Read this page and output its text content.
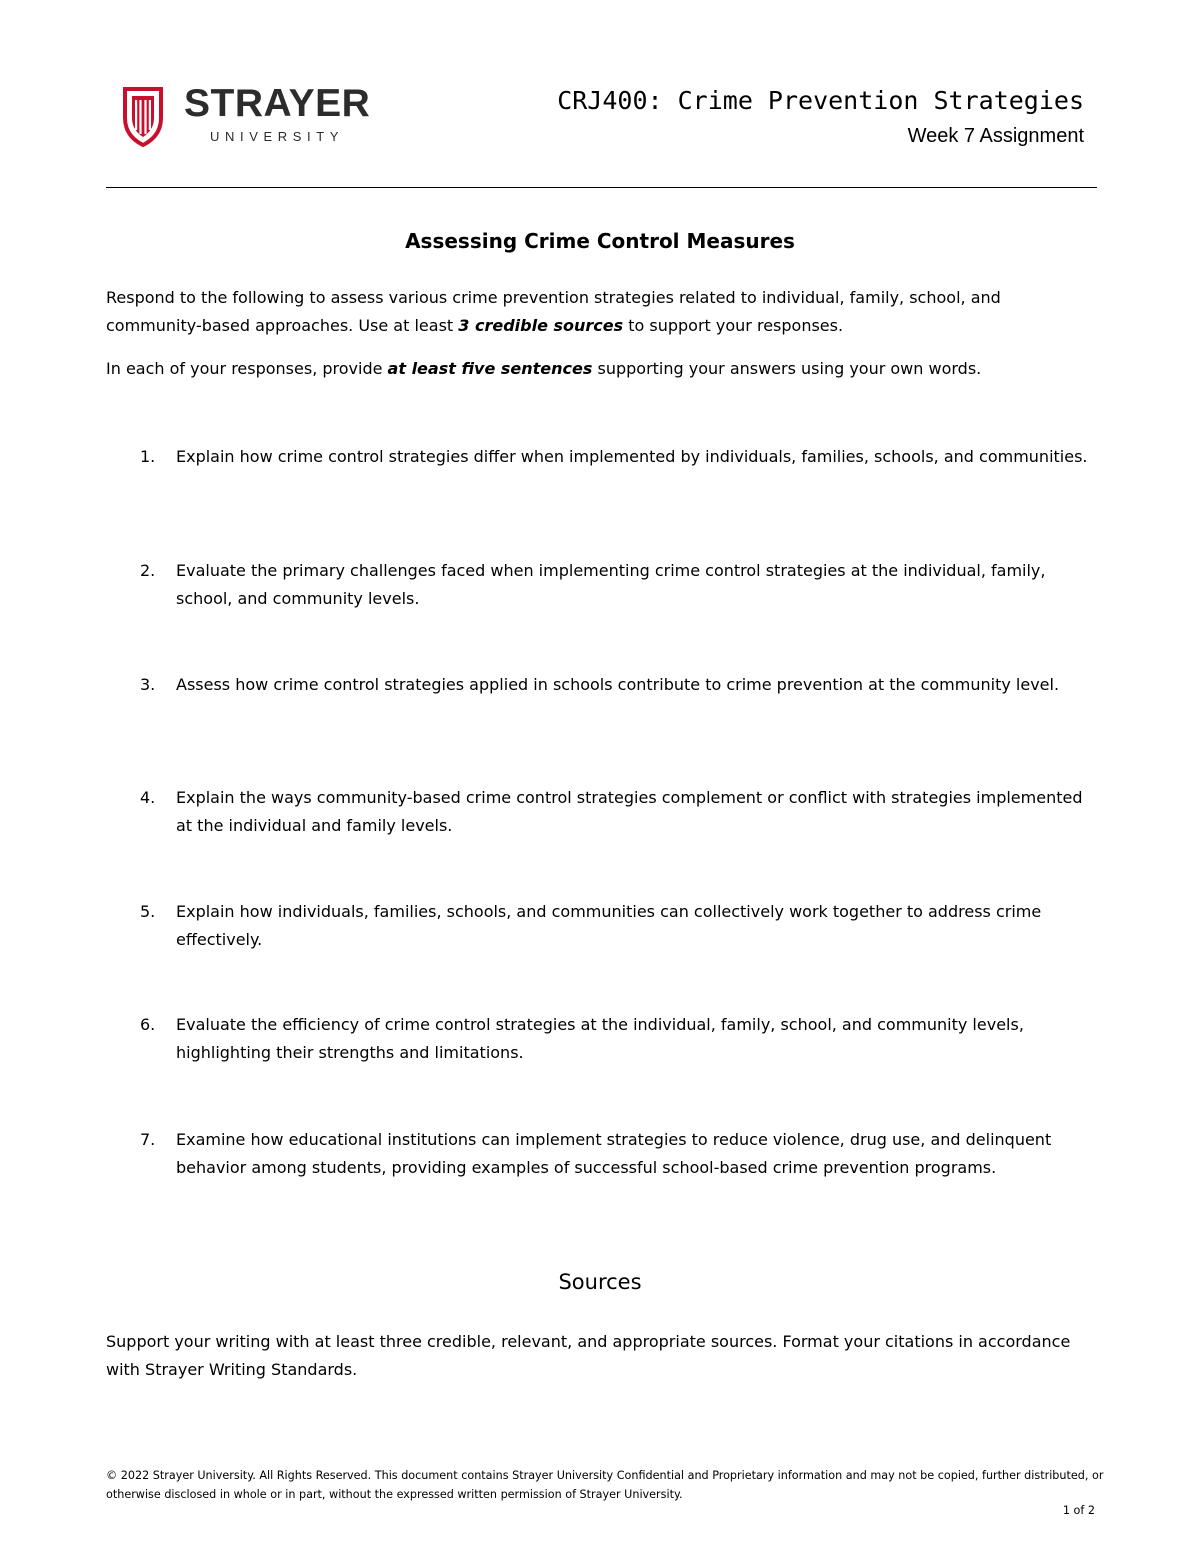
STRAYER
UNIVERSITY
CRJ400: Crime Prevention Strategies
Week 7 Assignment
Assessing Crime Control Measures
Respond to the following to assess various crime prevention strategies related to individual, family, school, and community-based approaches. Use at least 3 credible sources to support your responses.
In each of your responses, provide at least five sentences supporting your answers using your own words.
1.	Explain how crime control strategies differ when implemented by individuals, families, schools, and communities.
2.	Evaluate the primary challenges faced when implementing crime control strategies at the individual, family, school, and community levels.
3.	Assess how crime control strategies applied in schools contribute to crime prevention at the community level.
4.	Explain the ways community-based crime control strategies complement or conflict with strategies implemented at the individual and family levels.
5.	Explain how individuals, families, schools, and communities can collectively work together to address crime effectively.
6.	Evaluate the efficiency of crime control strategies at the individual, family, school, and community levels, highlighting their strengths and limitations.
7.	Examine how educational institutions can implement strategies to reduce violence, drug use, and delinquent behavior among students, providing examples of successful school-based crime prevention programs.
Sources
Support your writing with at least three credible, relevant, and appropriate sources. Format your citations in accordance with Strayer Writing Standards.
© 2022 Strayer University. All Rights Reserved. This document contains Strayer University Confidential and Proprietary information and may not be copied, further distributed, or otherwise disclosed in whole or in part, without the expressed written permission of Strayer University.
1 of 2
